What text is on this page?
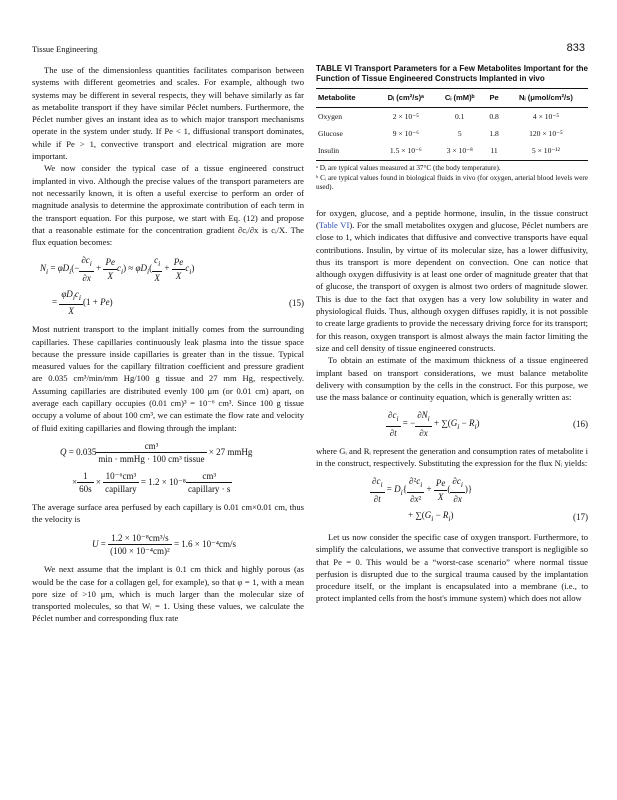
Tissue Engineering	833

The use of the dimensionless quantities facilitates comparison between systems with different geometries and scales. For example, although two systems may be different in several respects, they will behave similarly as far as metabolite transport if they have similar Péclet numbers. Furthermore, the Péclet number gives an instant idea as to which major transport mechanisms operate in the system under study. If Pe < 1, diffusional transport dominates, while if Pe > 1, convective transport and electrical migration are more important.

We now consider the typical case of a tissue engineered construct implanted in vivo. Although the precise values of the transport parameters are not necessarily known, it is often a useful exercise to perform an order of magnitude analysis to determine the approximate contribution of each term in the transport equation. For this purpose, we start with Eq. (12) and propose that a reasonable estimate for the concentration gradient ∂cᵢ/∂x is cᵢ/X. The flux equation becomes:

$N_i = \varphi D_i(- \frac{\partial c_i}{\partial x} + \frac{Pe}{X} c_i) \approx \varphi D_i( \frac{c_i}{X} + \frac{Pe}{X} c_i)$
= $\frac{\varphi D_ic_i}{X} (1 + Pe)$	(15)

Most nutrient transport to the implant initially comes from the surrounding capillaries. These capillaries continuously leak plasma into the tissue space because the pressure inside capillaries is greater than in the tissue. Typical measured values for the capillary filtration coefficient and pressure gradient are 0.035 cm³/min/mm Hg/100 g tissue and 27 mm Hg, respectively. Assuming capillaries are distributed evenly 100 μm (or 0.01 cm) apart, on average each capillary occupies (0.01 cm)³ = 10⁻⁶ cm³. Since 100 g tissue occupy a volume of about 100 cm³, we can estimate the flow rate and velocity of fluid exiting capillaries and flowing through the implant:

$Q = 0.035 \frac{\text{cm³}}{\text{min · mmHg · 100 cm³ tissue}} \times 27$ mmHg
× $\frac{1}{60s} \times \frac{\text{10⁻⁶cm³}}{\text{capillary}} = 1.2 \times 10^{-8} \frac{\text{cm³}}{\text{capillary · s}}$

The average surface area perfused by each capillary is 0.01 cm×0.01 cm, thus the velocity is

$U = \frac{\text{1.2 × 10⁻⁸cm³/s}}{\text{(100 × 10⁻⁴cm)²}} = 1.6 \times 10^{-4}cm/s$

We next assume that the implant is 0.1 cm thick and highly porous (as would be the case for a collagen gel, for example), so that φ = 1, with a mean pore size of >10 μm, which is much larger than the molecular size of transported molecules, so that Wᵢ = 1. Using these values, we calculate the Péclet number and corresponding flux rate

TABLE VI Transport Parameters for a Few Metabolites Important for the Function of Tissue Engineered Constructs Implanted in vivo
Metabolite	Dᵢ (cm²/s)ᵃ	Cᵢ (mM)ᵇ	Pe	Nᵢ (μmol/cm²/s)
Oxygen	2 × 10⁻⁵	0.1	0.8	4 × 10⁻⁵
Glucose	9 × 10⁻⁶	5	1.8	120 × 10⁻⁵
Insulin	1.5 × 10⁻⁶	3 × 10⁻⁸	11	5 × 10⁻¹²
ᵃ Dᵢ are typical values measured at 37°C (the body temperature).
ᵇ Cᵢ are typical values found in biological fluids in vivo (for oxygen, arterial blood levels were used).

for oxygen, glucose, and a peptide hormone, insulin, in the tissue construct (Table VI). For the small metabolites oxygen and glucose, Péclet numbers are close to 1, which indicates that diffusive and convective transports have equal contributions. Insulin, by virtue of its molecular size, has a lower diffusivity, thus its transport is more dependent on convection. One can notice that although oxygen diffusivity is at least one order of magnitude greater that that of glucose, the transport of oxygen is almost two orders of magnitude slower. This is due to the fact that oxygen has a very low solubility in water and physiological fluids. Thus, although oxygen diffuses rapidly, it is not possible to create large gradients to provide the necessary driving force for its transport; for this reason, oxygen transport is almost always the main factor limiting the size and cell density of tissue engineered constructs.

To obtain an estimate of the maximum thickness of a tissue engineered implant based on transport considerations, we must balance metabolite delivery with consumption by the cells in the construct. For this purpose, we use the mass balance or continuity equation, which is generally written as:

$\frac{\partial c_i}{\partial t}$ = − $\frac{\partial N_i}{\partial x} + \sum(G_i - R_i)$	(16)

where Gᵢ and Rᵢ represent the generation and consumption rates of metabolite i in the construct, respectively. Substituting the expression for the flux Nᵢ yields:

$\frac{\partial c_i}{\partial t} = D_i\{ \frac{\partial^2c_i}{\text{∂x²}} + \frac{Pe}{X}$ ( $\frac{\partial c_i}{\partial x}$ )}
+ $\sum(G_i - R_i)$	(17)

Let us now consider the specific case of oxygen transport. Furthermore, to simplify the calculations, we assume that convective transport is negligible so that Pe = 0. This would be a “worst-case scenario” where normal tissue perfusion is disrupted due to the surgical trauma caused by the implantation procedure itself, or the implant is encapsulated into a membrane (i.e., to protect implanted cells from the host's immune system) which does not allow
